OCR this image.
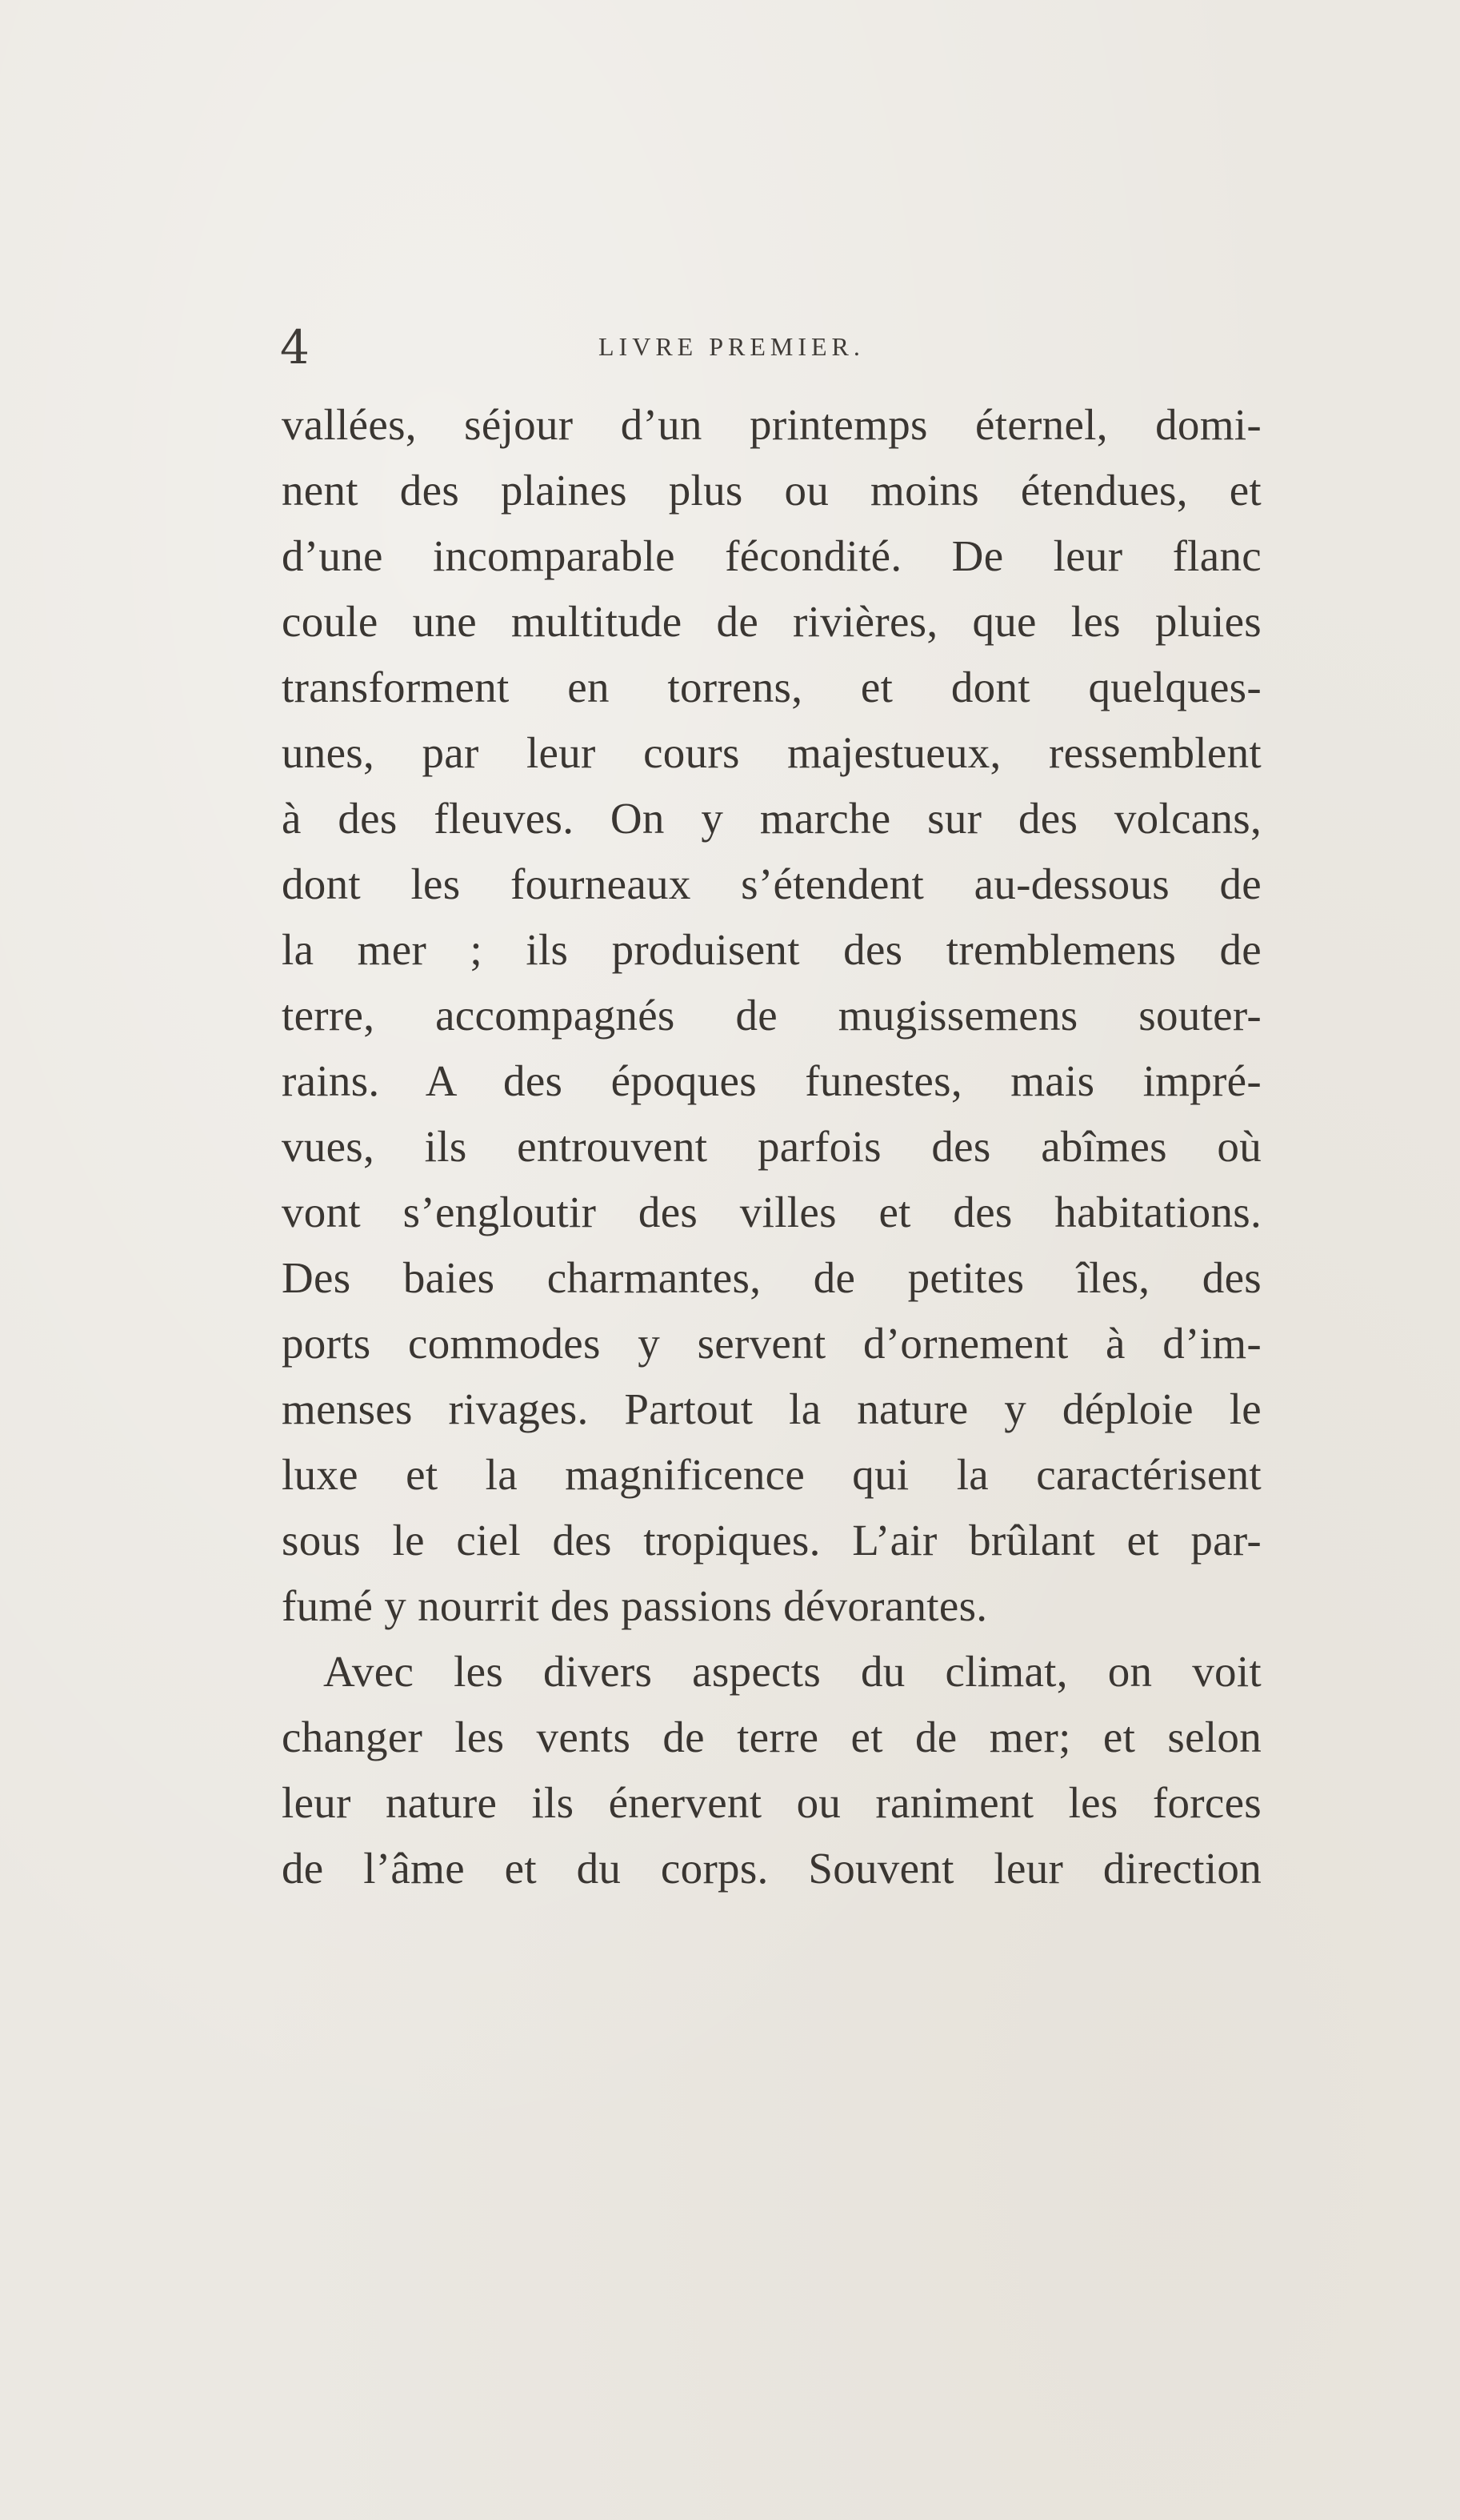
4	LIVRE PREMIER.
vallées, séjour d’un printemps éternel, domi-
nent des plaines plus ou moins étendues, et
d’une incomparable fécondité. De leur flanc
coule une multitude de rivières, que les pluies
transforment en torrens, et dont quelques-
unes, par leur cours majestueux, ressemblent
à des fleuves. On y marche sur des volcans,
dont les fourneaux s’étendent au-dessous de
la mer ; ils produisent des tremblemens de
terre, accompagnés de mugissemens souter-
rains. A des époques funestes, mais impré-
vues, ils entrouvent parfois des abîmes où
vont s’engloutir des villes et des habitations.
Des baies charmantes, de petites îles, des
ports commodes y servent d’ornement à d’im-
menses rivages. Partout la nature y déploie le
luxe et la magnificence qui la caractérisent
sous le ciel des tropiques. L’air brûlant et par-
fumé y nourrit des passions dévorantes.
Avec les divers aspects du climat, on voit
changer les vents de terre et de mer; et selon
leur nature ils énervent ou raniment les forces
de l’âme et du corps. Souvent leur direction
